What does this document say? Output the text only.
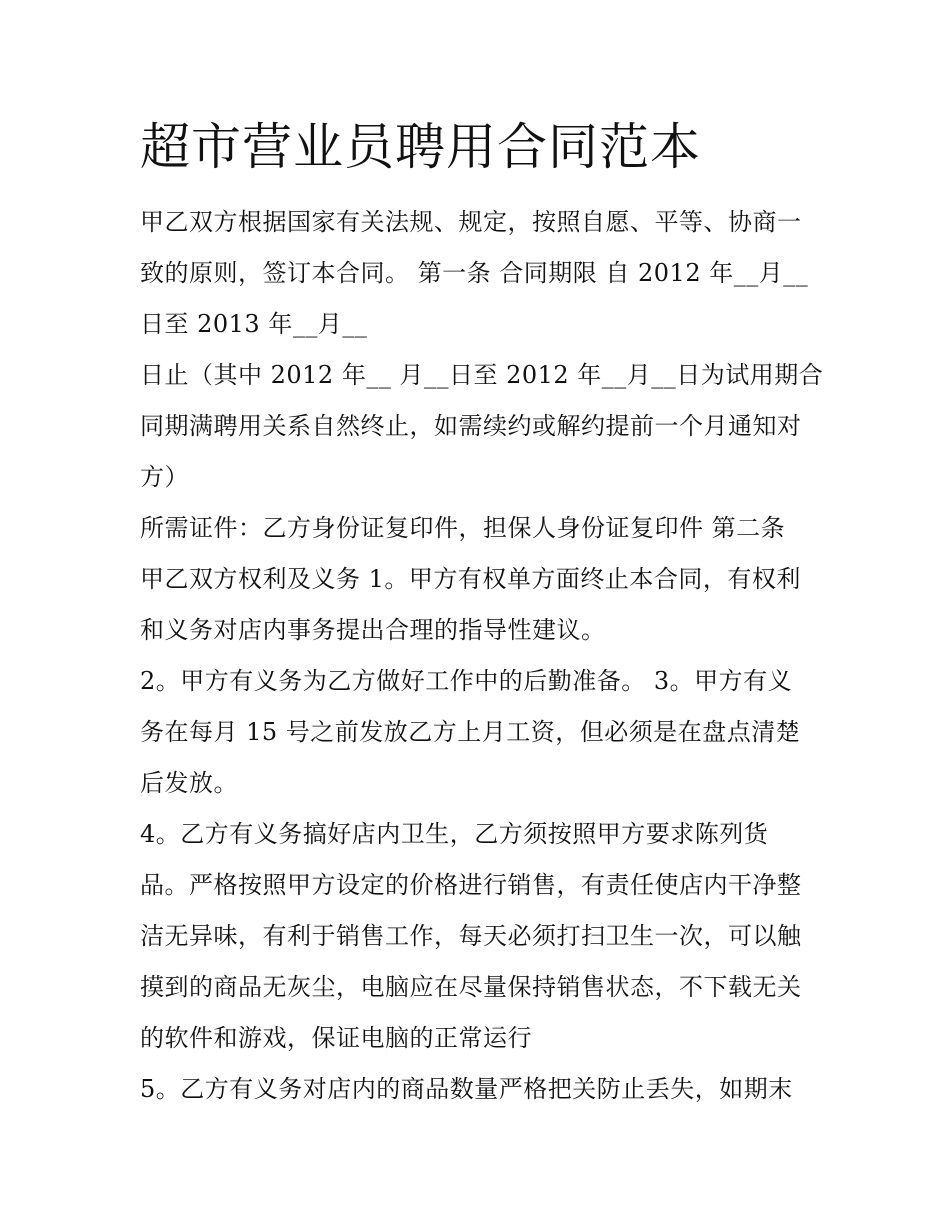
超市营业员聘用合同范本
甲乙双方根据国家有关法规、规定，按照自愿、平等、协商一
致的原则，签订本合同。 第一条 合同期限 自 2012 年__月__
日至 2013 年__月__
日止（其中 2012 年__ 月__日至 2012 年__月__日为试用期合
同期满聘用关系自然终止，如需续约或解约提前一个月通知对
方）
所需证件：乙方身份证复印件，担保人身份证复印件 第二条
甲乙双方权利及义务 1。甲方有权单方面终止本合同，有权利
和义务对店内事务提出合理的指导性建议。
2。甲方有义务为乙方做好工作中的后勤准备。 3。甲方有义
务在每月 15 号之前发放乙方上月工资，但必须是在盘点清楚
后发放。
4。乙方有义务搞好店内卫生，乙方须按照甲方要求陈列货
品。严格按照甲方设定的价格进行销售，有责任使店内干净整
洁无异味，有利于销售工作，每天必须打扫卫生一次，可以触
摸到的商品无灰尘，电脑应在尽量保持销售状态，不下载无关
的软件和游戏，保证电脑的正常运行
5。乙方有义务对店内的商品数量严格把关防止丢失，如期末
